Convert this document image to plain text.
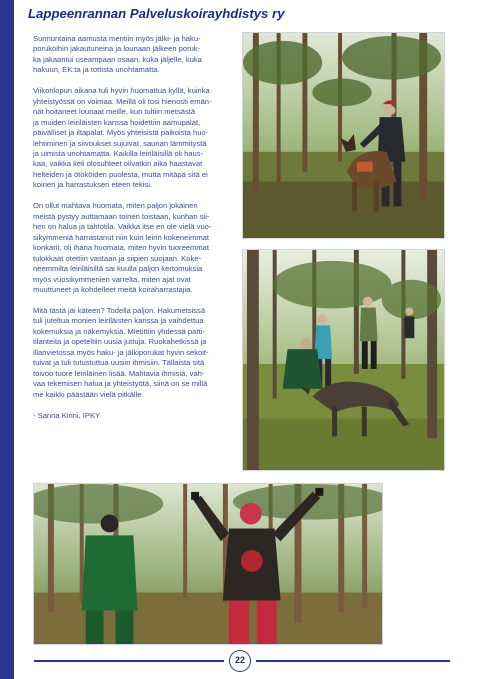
Lappeenrannan Palveluskoirayhdistys ry

Sunnuntaina aamusta mentiin myös jälki- ja haku-
porukoihin jakautuneina ja lounaan jälkeen poruk-
ka jakaantui useampaan osaan, kuka jäljelle, kuka
hakuun, EK:ta ja tottista unohtamatta.

Viikonlopun aikana tuli hyvin huomattua kyllä, kuinka
yhteistyössä on voimaa. Meillä oli tosi hienosti emän-
nät hoitaneet lounaat meille, kun tultiin metsästä
ja muiden leiriläisten kanssa hoidettiin aamupalat,
päivälliset ja iltapalat. Myös yhteisistä paikoista huo-
lehtiminen ja siivoukset sujuivat, saunan lämmitystä
ja uimista unohtamatta. Kaikilla leiriläisillä oli haus-
kaa, vaikka keli olosuhteet olivatkin aika haastavat
helteiden ja ötököiden puolesta, mutta mitäpä sitä ei
koirien ja harrastuksen eteen tekisi.

On ollut mahtava huomata, miten paljon jokainen
meistä pystyy auttamaan toinen toistaan, kunhan sii-
hen on halua ja tahtotila. Vaikka itse en ole vielä vuo-
sikymmeniä harrastanut niin kuin leirin kokeneimmat
konkarit, oli ihana huomata, miten hyvin tuoreemmat
tulokkaat otettiin vastaan ja siipien suojaan. Koke-
neemmilta leiriläisiltä sai kuulla paljon kertomuksia
myös vuosikymmenien varrelta, miten ajat ovat
muuttuneet ja kohdelleet meitä koiraharrastajia.

Mitä tästä jäi käteen? Todella paljon. Hakumetsissä
tuli juteltua monien leiriläisten kanssa ja vaihdettua
kokemuksia ja näkemyksiä. Mietittiin yhdessä patti-
tilanteita ja opeteltiin uusia juttuja. Ruokahetkissä ja
illanvietossa myös haku- ja jälkiporukat hyvin sekoit-
tuivat ja tuli tutustuttua uusiin ihmisiin. Tällaista sitä
toivoo tuore leiriläinen lisää. Mahtavia ihmisiä, vah-
vaa tekemisen halua ja yhteistyötä, siinä on se millä
me kaikki päästään vielä pitkälle.

- Sanna Kinni, IPKY

22
